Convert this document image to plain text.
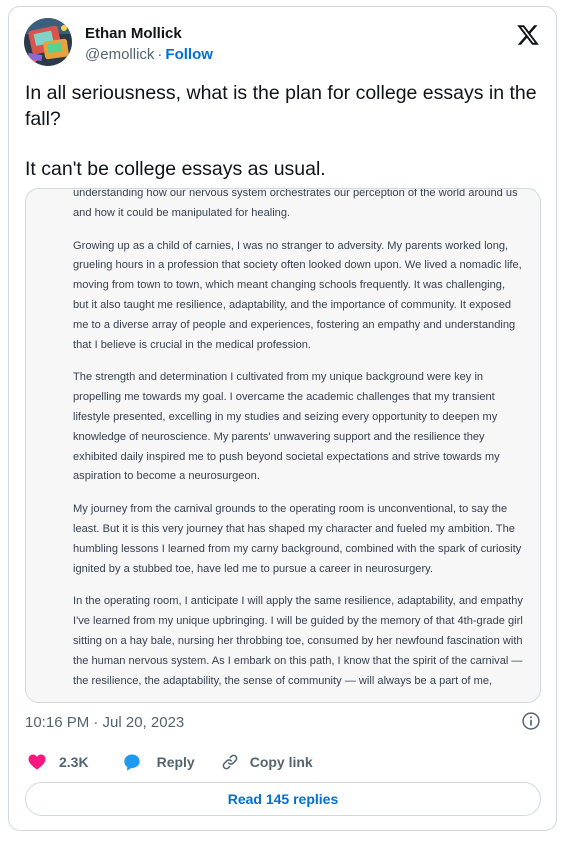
Ethan Mollick
@emollick · Follow

In all seriousness, what is the plan for college essays in the fall?

It can't be college essays as usual.

understanding how our nervous system orchestrates our perception of the world around us and how it could be manipulated for healing.

Growing up as a child of carnies, I was no stranger to adversity. My parents worked long, grueling hours in a profession that society often looked down upon. We lived a nomadic life, moving from town to town, which meant changing schools frequently. It was challenging, but it also taught me resilience, adaptability, and the importance of community. It exposed me to a diverse array of people and experiences, fostering an empathy and understanding that I believe is crucial in the medical profession.

The strength and determination I cultivated from my unique background were key in propelling me towards my goal. I overcame the academic challenges that my transient lifestyle presented, excelling in my studies and seizing every opportunity to deepen my knowledge of neuroscience. My parents' unwavering support and the resilience they exhibited daily inspired me to push beyond societal expectations and strive towards my aspiration to become a neurosurgeon.

My journey from the carnival grounds to the operating room is unconventional, to say the least. But it is this very journey that has shaped my character and fueled my ambition. The humbling lessons I learned from my carny background, combined with the spark of curiosity ignited by a stubbed toe, have led me to pursue a career in neurosurgery.

In the operating room, I anticipate I will apply the same resilience, adaptability, and empathy I've learned from my unique upbringing. I will be guided by the memory of that 4th-grade girl sitting on a hay bale, nursing her throbbing toe, consumed by her newfound fascination with the human nervous system. As I embark on this path, I know that the spirit of the carnival — the resilience, the adaptability, the sense of community — will always be a part of me,

10:16 PM · Jul 20, 2023
2.3K	Reply	Copy link
Read 145 replies
